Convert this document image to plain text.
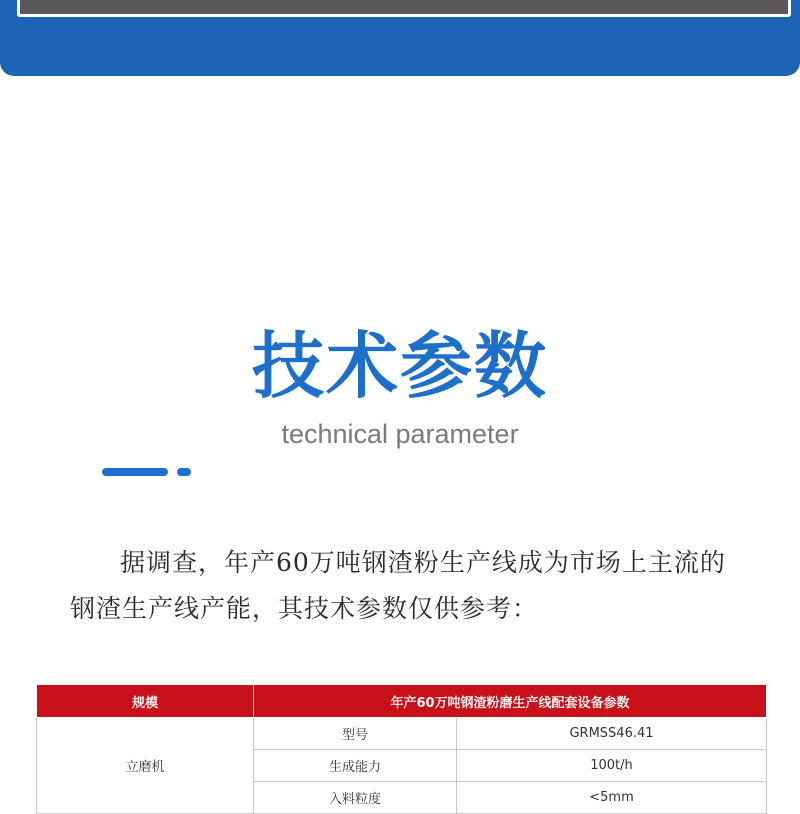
技术参数
technical parameter
据调查，年产60万吨钢渣粉生产线成为市场上主流的钢渣生产线产能，其技术参数仅供参考：
规模	年产60万吨钢渣粉磨生产线配套设备参数	
立磨机	型号	GRMSS46.41
	生成能力	100t/h
	入料粒度	<5mm
